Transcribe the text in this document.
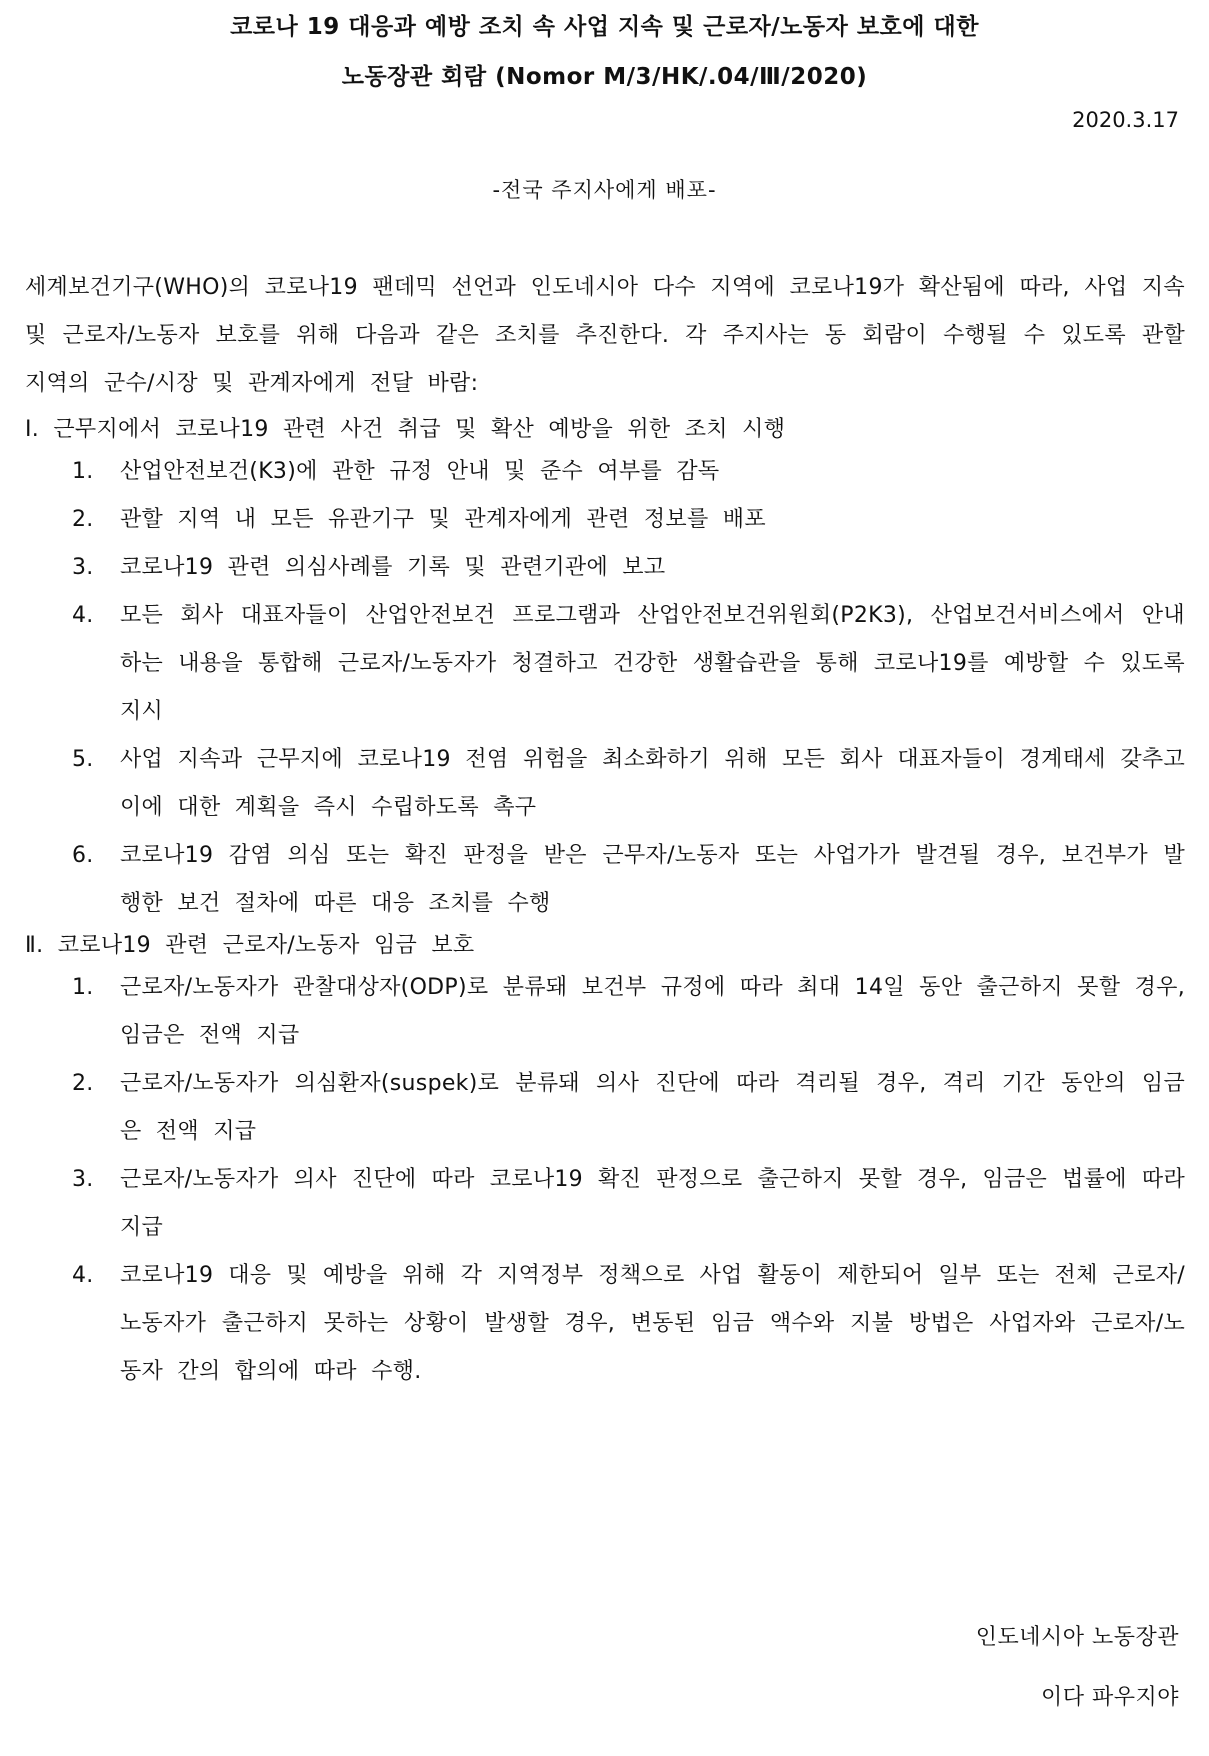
코로나 19 대응과 예방 조치 속 사업 지속 및 근로자/노동자 보호에 대한
노동장관 회람 (Nomor M/3/HK/.04/Ⅲ/2020)
2020.3.17
-전국 주지사에게 배포-
세계보건기구(WHO)의 코로나19 팬데믹 선언과 인도네시아 다수 지역에 코로나19가 확산됨에 따라, 사업 지속 및 근로자/노동자 보호를 위해 다음과 같은 조치를 추진한다. 각 주지사는 동 회람이 수행될 수 있도록 관할 지역의 군수/시장 및 관계자에게 전달 바람:
Ⅰ. 근무지에서 코로나19 관련 사건 취급 및 확산 예방을 위한 조치 시행
1. 산업안전보건(K3)에 관한 규정 안내 및 준수 여부를 감독
2. 관할 지역 내 모든 유관기구 및 관계자에게 관련 정보를 배포
3. 코로나19 관련 의심사례를 기록 및 관련기관에 보고
4. 모든 회사 대표자들이 산업안전보건 프로그램과 산업안전보건위원회(P2K3), 산업보건서비스에서 안내하는 내용을 통합해 근로자/노동자가 청결하고 건강한 생활습관을 통해 코로나19를 예방할 수 있도록 지시
5. 사업 지속과 근무지에 코로나19 전염 위험을 최소화하기 위해 모든 회사 대표자들이 경계태세 갖추고 이에 대한 계획을 즉시 수립하도록 촉구
6. 코로나19 감염 의심 또는 확진 판정을 받은 근무자/노동자 또는 사업가가 발견될 경우, 보건부가 발행한 보건 절차에 따른 대응 조치를 수행
Ⅱ. 코로나19 관련 근로자/노동자 임금 보호
1. 근로자/노동자가 관찰대상자(ODP)로 분류돼 보건부 규정에 따라 최대 14일 동안 출근하지 못할 경우, 임금은 전액 지급
2. 근로자/노동자가 의심환자(suspek)로 분류돼 의사 진단에 따라 격리될 경우, 격리 기간 동안의 임금은 전액 지급
3. 근로자/노동자가 의사 진단에 따라 코로나19 확진 판정으로 출근하지 못할 경우, 임금은 법률에 따라 지급
4. 코로나19 대응 및 예방을 위해 각 지역정부 정책으로 사업 활동이 제한되어 일부 또는 전체 근로자/노동자가 출근하지 못하는 상황이 발생할 경우, 변동된 임금 액수와 지불 방법은 사업자와 근로자/노동자 간의 합의에 따라 수행.
인도네시아 노동장관
이다 파우지야
